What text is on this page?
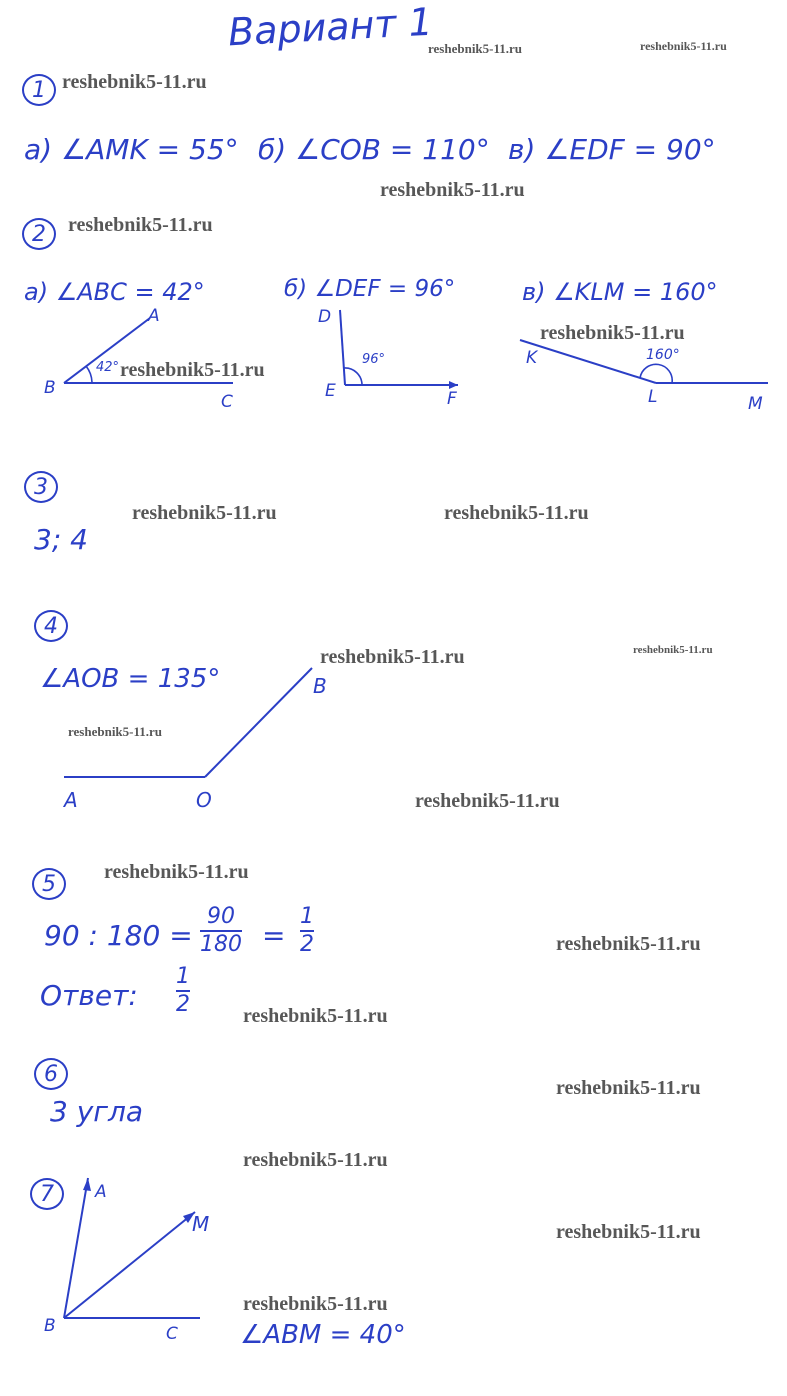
Вариант 1
reshebnik5-11.ru	reshebnik5-11.ru
reshebnik5-11.ru
reshebnik5-11.ru
reshebnik5-11.ru
reshebnik5-11.ru
reshebnik5-11.ru
reshebnik5-11.ru	reshebnik5-11.ru
reshebnik5-11.ru	reshebnik5-11.ru
reshebnik5-11.ru
reshebnik5-11.ru
reshebnik5-11.ru
reshebnik5-11.ru
reshebnik5-11.ru
reshebnik5-11.ru
reshebnik5-11.ru
reshebnik5-11.ru
reshebnik5-11.ru
1
а) ∠AMK = 55° б) ∠COB = 110° в) ∠EDF = 90°
2
а) ∠ABC = 42°	б) ∠DEF = 96°	в) ∠KLM = 160°
A
B
C
42°
D
E	F
96°	K
L	M
160°
3
3; 4
4
∠AOB = 135°
A	O
B
5
90 : 180 =
90
180 =
1
2
Ответ:
1
2
6
3 угла
7	A
B	C
M
∠ABM = 40°
